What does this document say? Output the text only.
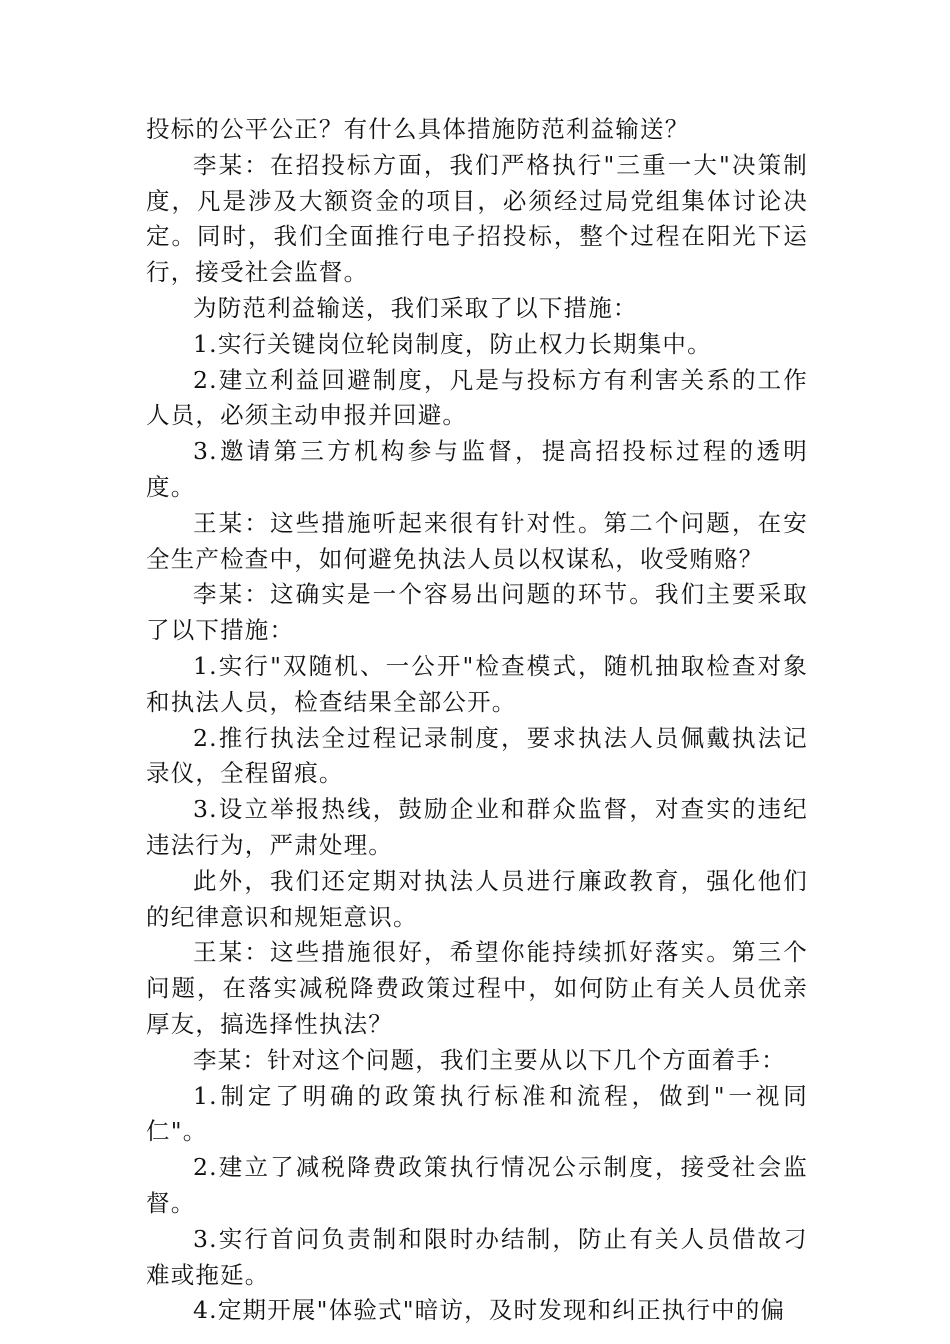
投标的公平公正？有什么具体措施防范利益输送？

李某：在招投标方面，我们严格执行"三重一大"决策制度，凡是涉及大额资金的项目，必须经过局党组集体讨论决定。同时，我们全面推行电子招投标，整个过程在阳光下运行，接受社会监督。

为防范利益输送，我们采取了以下措施：

1.实行关键岗位轮岗制度，防止权力长期集中。

2.建立利益回避制度，凡是与投标方有利害关系的工作人员，必须主动申报并回避。

3.邀请第三方机构参与监督，提高招投标过程的透明度。

王某：这些措施听起来很有针对性。第二个问题，在安全生产检查中，如何避免执法人员以权谋私，收受贿赂？

李某：这确实是一个容易出问题的环节。我们主要采取了以下措施：

1.实行"双随机、一公开"检查模式，随机抽取检查对象和执法人员，检查结果全部公开。

2.推行执法全过程记录制度，要求执法人员佩戴执法记录仪，全程留痕。

3.设立举报热线，鼓励企业和群众监督，对查实的违纪违法行为，严肃处理。

此外，我们还定期对执法人员进行廉政教育，强化他们的纪律意识和规矩意识。

王某：这些措施很好，希望你能持续抓好落实。第三个问题，在落实减税降费政策过程中，如何防止有关人员优亲厚友，搞选择性执法？

李某：针对这个问题，我们主要从以下几个方面着手：

1.制定了明确的政策执行标准和流程，做到"一视同仁"。

2.建立了减税降费政策执行情况公示制度，接受社会监督。

3.实行首问负责制和限时办结制，防止有关人员借故刁难或拖延。

4.定期开展"体验式"暗访，及时发现和纠正执行中的偏
